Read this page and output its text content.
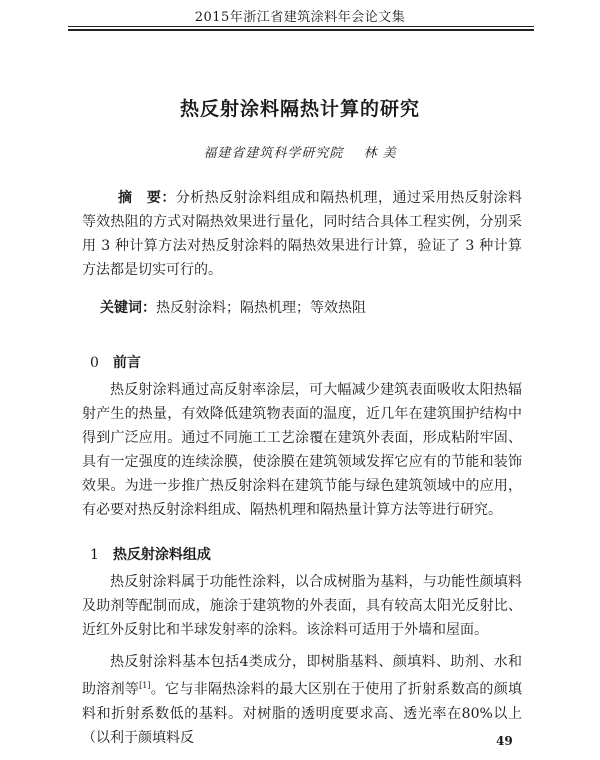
2015年浙江省建筑涂料年会论文集
热反射涂料隔热计算的研究
福建省建筑科学研究院 林 美

摘　要：分析热反射涂料组成和隔热机理，通过采用热反射涂料等效热阻的方式对隔热效果进行量化，同时结合具体工程实例，分别采用 3 种计算方法对热反射涂料的隔热效果进行计算，验证了 3 种计算方法都是切实可行的。

关键词：热反射涂料；隔热机理；等效热阻

0 前言

热反射涂料通过高反射率涂层，可大幅减少建筑表面吸收太阳热辐射产生的热量，有效降低建筑物表面的温度，近几年在建筑围护结构中得到广泛应用。通过不同施工工艺涂覆在建筑外表面，形成粘附牢固、具有一定强度的连续涂膜，使涂膜在建筑领域发挥它应有的节能和装饰效果。为进一步推广热反射涂料在建筑节能与绿色建筑领域中的应用，有必要对热反射涂料组成、隔热机理和隔热量计算方法等进行研究。

1 热反射涂料组成

热反射涂料属于功能性涂料，以合成树脂为基料，与功能性颜填料及助剂等配制而成，施涂于建筑物的外表面，具有较高太阳光反射比、近红外反射比和半球发射率的涂料。该涂料可适用于外墙和屋面。

热反射涂料基本包括4类成分，即树脂基料、颜填料、助剂、水和助溶剂等[1]。它与非隔热涂料的最大区别在于使用了折射系数高的颜填料和折射系数低的基料。对树脂的透明度要求高、透光率在80%以上（以利于颜填料反	49
